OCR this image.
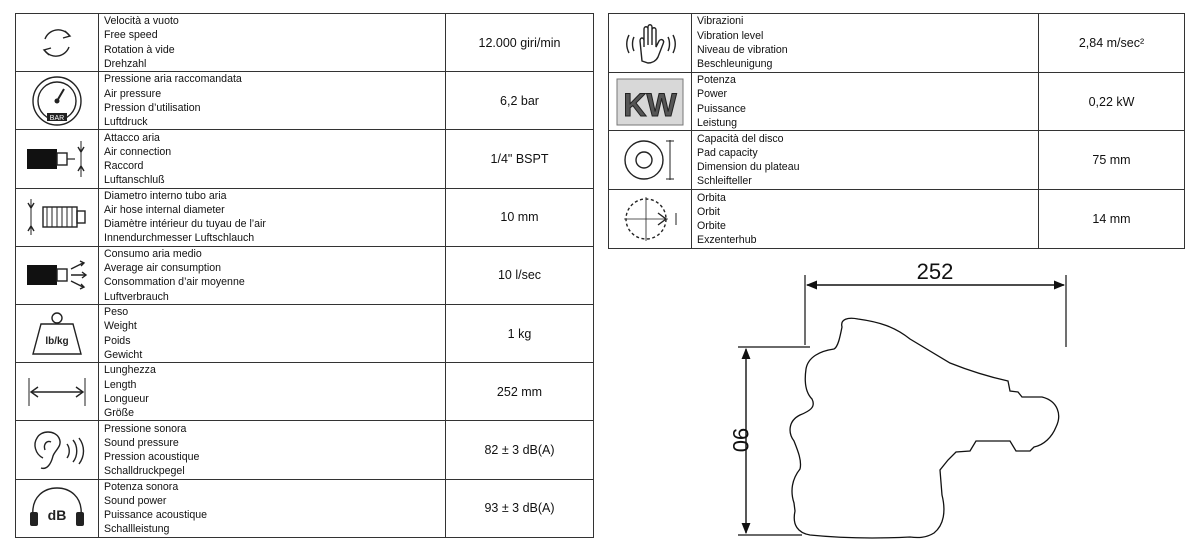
Velocità a vuoto
Free speed
Rotation à vide
Drehzahl	12.000 giri/min

BAR	Pressione aria raccomandata
Air pressure
Pression d’utilisation
Luftdruck	6,2 bar

Attacco aria
Air connection
Raccord
Luftanschluß	1/4" BSPT

Diametro interno tubo aria
Air hose internal diameter
Diamètre intérieur du tuyau de l’air
Innendurchmesser Luftschlauch	10 mm

Consumo aria medio
Average air consumption
Consommation d’air moyenne
Luftverbrauch	10 l/sec

lb/kg	Peso
Weight
Poids
Gewicht	1 kg

Lunghezza
Length
Longueur
Größe	252 mm

Pressione sonora
Sound pressure
Pression acoustique
Schalldruckpegel	82 ± 3 dB(A)

dB	Potenza sonora
Sound power
Puissance acoustique
Schallleistung	93 ± 3 dB(A)

Vibrazioni
Vibration level
Niveau de vibration
Beschleunigung	2,84 m/sec²

KW	Potenza
Power
Puissance
Leistung	0,22 kW

Capacità del disco
Pad capacity
Dimension du plateau
Schleifteller	75 mm

Orbita
Orbit
Orbite
Exzenterhub	14 mm
252
90
